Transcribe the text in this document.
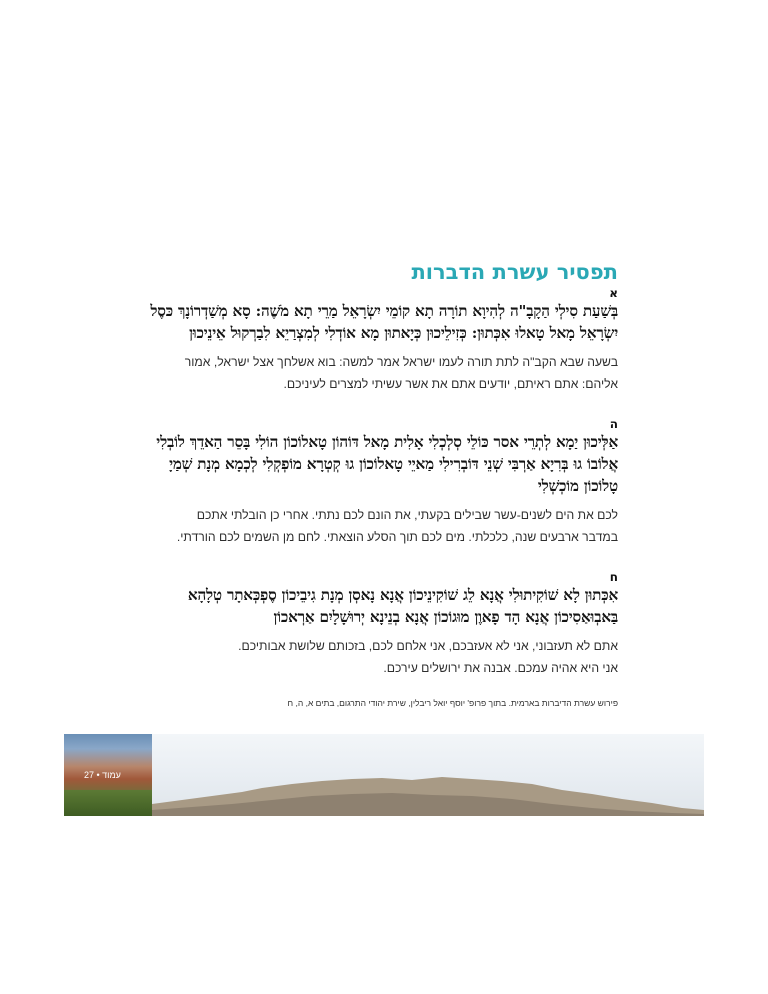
תפסיר עשרת הדברות

א

בְּשַׁעַת סִילְי הַקָבָ"ה לְהִיוָא תוֹרָה תָא קוֹמֵי יִשְׂרָאֵל מַרֵי תָא מֹשֶׁה: סָא מְשַׁדְרוֹנָךְ כּסֶל
יִשְׂרָאֵל מָאל טָאלוּ אִכְּתוּן: כְּזִילֵיכוּן כְּיָאתוּן מָא אוֹדְלִי לְמִצְרַיֵא לִבַרְקוּל אֵינֵיכוּן

בשעה שבא הקב"ה לתת תורה לעמו ישראל אמר למשה: בוא אשלחך אצל ישראל, אמור
אליהם: אתם ראיתם, יודעים אתם את אשר עשיתי למצרים לעיניכם.

ה

אַלְּיכוּן יַמָא לְתְרֵי אסר כּוֹלֵי סְלְכְלִי אָלִית מָאל דּוֹהוֹן טָאלוֹכוֹן הוֹלִי בָּסֵר הַאדֵךְ לוֹבְלִי
אֲלוֹבוֹ גוּ בְּרִיָא אַרְבִּי שְׁנֵי דּוֹבְרִילִי מַאיֵי טָאלוֹכוֹן גוּ קְטְרָא מוֹפְקְלִי לְכְמָא מְנָת שְׁמַיָ
טָלוֹכוֹן מוֹכְשְׁלִי

לכם את הים לשנים-עשר שבילים בקעתי, את הונם לכם נתתי. אחרי כן הובלתי אתכם
במדבר ארבעים שנה, כלכלתי. מים לכם תוך הסלע הוצאתי. לחם מן השמים לכם הורדתי.

ח

אִכְּתוּן לָא שׁוֹקִיתוּלִי אֲנָא לֵג שׁוֹקִינֵיכוֹן אֲנָא נָאסְן מְנָת גִיבֵיכוֹן סֶפְכְּאתָר טְלָהָא
בַּאבְוּאַסִיכוֹן אֲנָא הָד פָאוֶן מוּגוֹכוֹן אֲנָא בְנֵינָא יְרוּשָׁלָיִם אַרְאכוֹן

אתם לא תעזבוני, אני לא אעזבכם, אני אלחם לכם, בזכותם שלושת אבותיכם.
אני היא אהיה עמכם. אבנה את ירושלים עירכם.

פירוש עשרת הדיברות בארמית. בתוך פרופ' יוסף יואל ריבלין, שירת יהודי התרגום, בתים א, ה, ח

עמוד • 27
